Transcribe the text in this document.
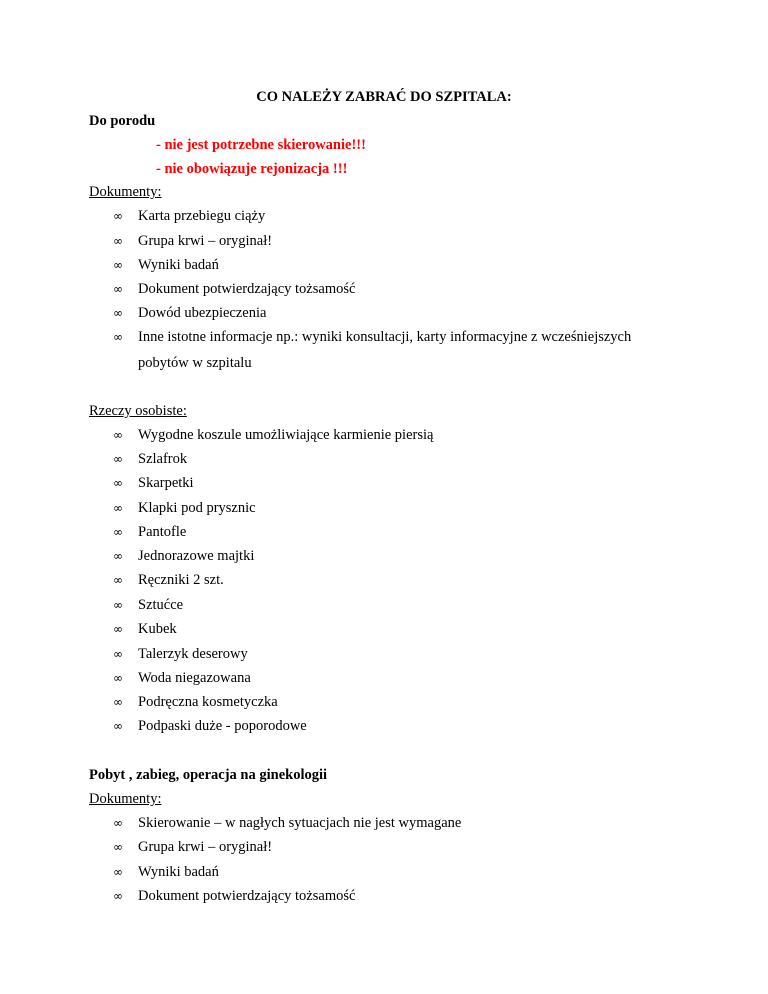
CO NALEŻY ZABRAĆ DO SZPITALA:
Do porodu
- nie jest potrzebne skierowanie!!!
- nie obowiązuje rejonizacja !!!
Dokumenty:
∞ Karta przebiegu ciąży
∞ Grupa krwi – oryginał!
∞ Wyniki badań
∞ Dokument potwierdzający tożsamość
∞ Dowód ubezpieczenia
∞ Inne istotne informacje np.: wyniki konsultacji, karty informacyjne z wcześniejszych
pobytów w szpitalu
Rzeczy osobiste:
∞ Wygodne koszule umożliwiające karmienie piersią
∞ Szlafrok
∞ Skarpetki
∞ Klapki pod prysznic
∞ Pantofle
∞ Jednorazowe majtki
∞ Ręczniki 2 szt.
∞ Sztućce
∞ Kubek
∞ Talerzyk deserowy
∞ Woda niegazowana
∞ Podręczna kosmetyczka
∞ Podpaski duże - poporodowe
Pobyt , zabieg, operacja na ginekologii
Dokumenty:
∞ Skierowanie – w nagłych sytuacjach nie jest wymagane
∞ Grupa krwi – oryginał!
∞ Wyniki badań
∞ Dokument potwierdzający tożsamość
